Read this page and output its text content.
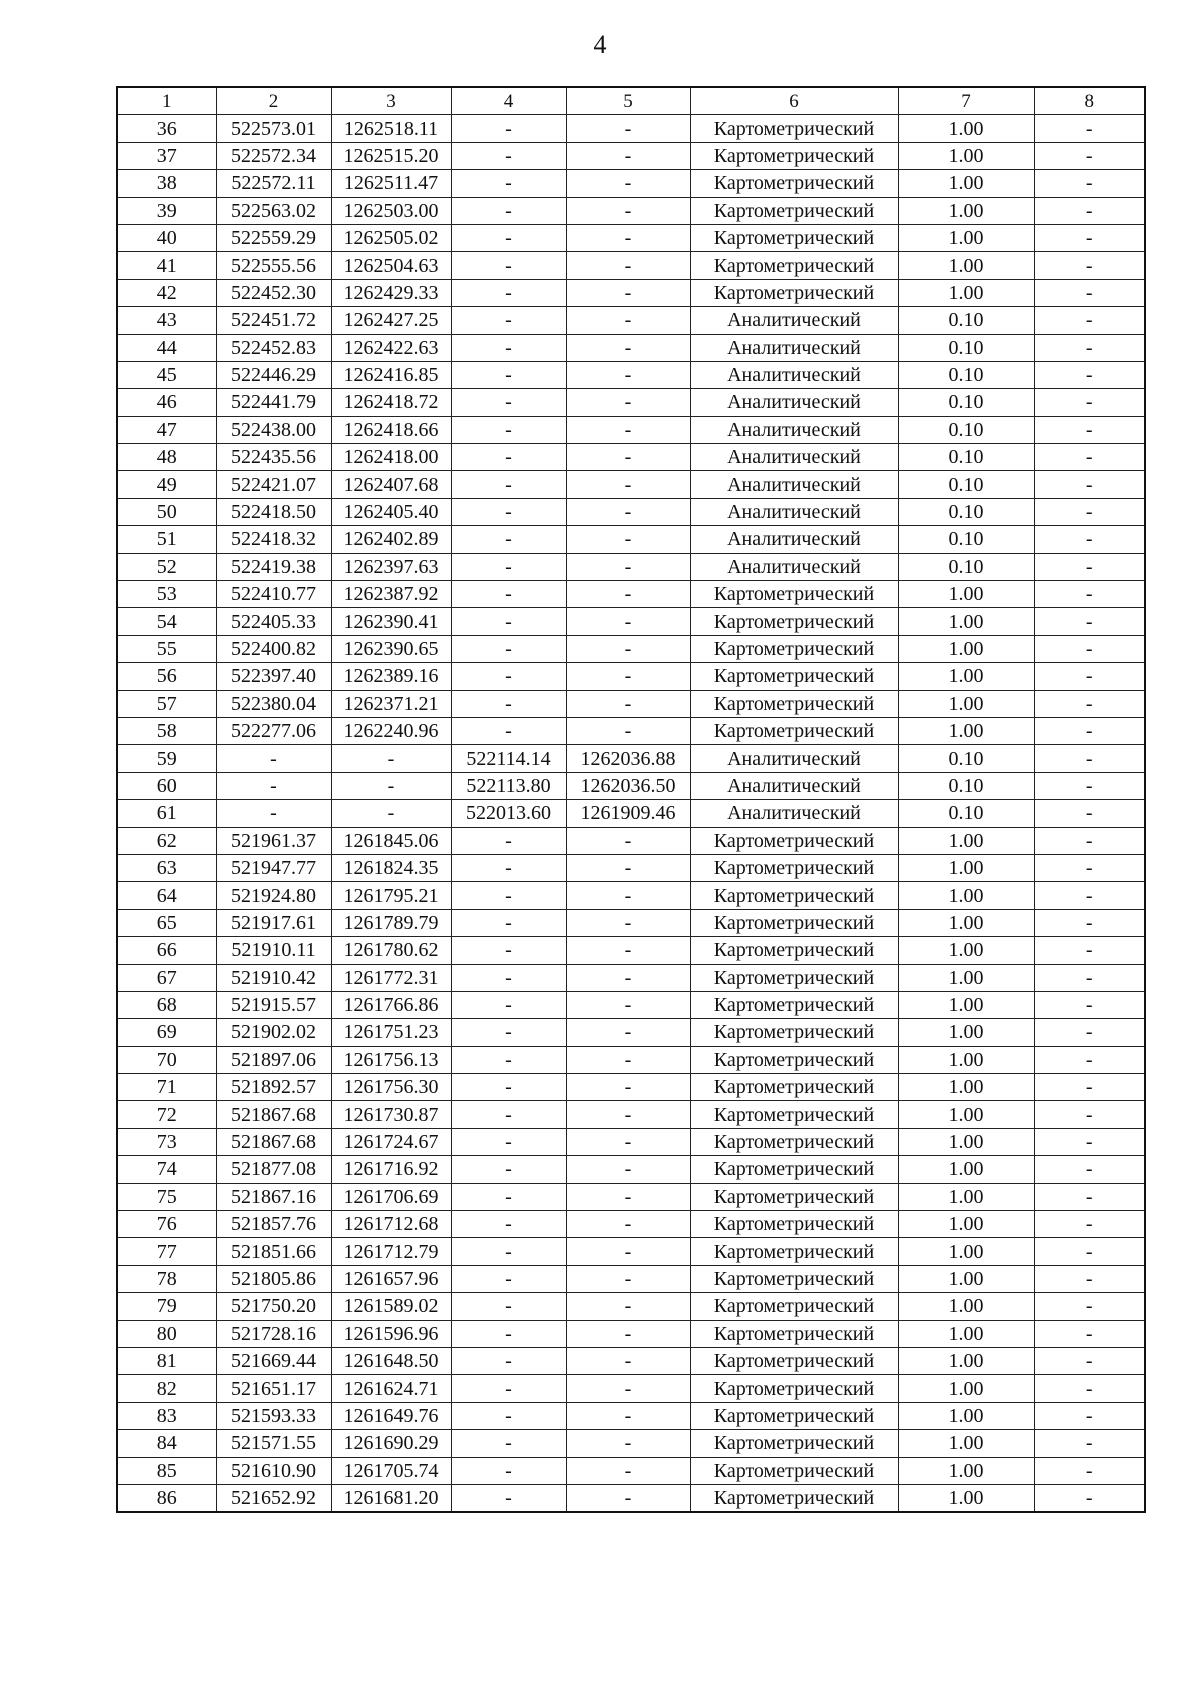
4
1	2	3	4	5	6	7	8
36	522573.01	1262518.11	-	-	Картометрический	1.00	-
37	522572.34	1262515.20	-	-	Картометрический	1.00	-
38	522572.11	1262511.47	-	-	Картометрический	1.00	-
39	522563.02	1262503.00	-	-	Картометрический	1.00	-
40	522559.29	1262505.02	-	-	Картометрический	1.00	-
41	522555.56	1262504.63	-	-	Картометрический	1.00	-
42	522452.30	1262429.33	-	-	Картометрический	1.00	-
43	522451.72	1262427.25	-	-	Аналитический	0.10	-
44	522452.83	1262422.63	-	-	Аналитический	0.10	-
45	522446.29	1262416.85	-	-	Аналитический	0.10	-
46	522441.79	1262418.72	-	-	Аналитический	0.10	-
47	522438.00	1262418.66	-	-	Аналитический	0.10	-
48	522435.56	1262418.00	-	-	Аналитический	0.10	-
49	522421.07	1262407.68	-	-	Аналитический	0.10	-
50	522418.50	1262405.40	-	-	Аналитический	0.10	-
51	522418.32	1262402.89	-	-	Аналитический	0.10	-
52	522419.38	1262397.63	-	-	Аналитический	0.10	-
53	522410.77	1262387.92	-	-	Картометрический	1.00	-
54	522405.33	1262390.41	-	-	Картометрический	1.00	-
55	522400.82	1262390.65	-	-	Картометрический	1.00	-
56	522397.40	1262389.16	-	-	Картометрический	1.00	-
57	522380.04	1262371.21	-	-	Картометрический	1.00	-
58	522277.06	1262240.96	-	-	Картометрический	1.00	-
59	-	-	522114.14	1262036.88	Аналитический	0.10	-
60	-	-	522113.80	1262036.50	Аналитический	0.10	-
61	-	-	522013.60	1261909.46	Аналитический	0.10	-
62	521961.37	1261845.06	-	-	Картометрический	1.00	-
63	521947.77	1261824.35	-	-	Картометрический	1.00	-
64	521924.80	1261795.21	-	-	Картометрический	1.00	-
65	521917.61	1261789.79	-	-	Картометрический	1.00	-
66	521910.11	1261780.62	-	-	Картометрический	1.00	-
67	521910.42	1261772.31	-	-	Картометрический	1.00	-
68	521915.57	1261766.86	-	-	Картометрический	1.00	-
69	521902.02	1261751.23	-	-	Картометрический	1.00	-
70	521897.06	1261756.13	-	-	Картометрический	1.00	-
71	521892.57	1261756.30	-	-	Картометрический	1.00	-
72	521867.68	1261730.87	-	-	Картометрический	1.00	-
73	521867.68	1261724.67	-	-	Картометрический	1.00	-
74	521877.08	1261716.92	-	-	Картометрический	1.00	-
75	521867.16	1261706.69	-	-	Картометрический	1.00	-
76	521857.76	1261712.68	-	-	Картометрический	1.00	-
77	521851.66	1261712.79	-	-	Картометрический	1.00	-
78	521805.86	1261657.96	-	-	Картометрический	1.00	-
79	521750.20	1261589.02	-	-	Картометрический	1.00	-
80	521728.16	1261596.96	-	-	Картометрический	1.00	-
81	521669.44	1261648.50	-	-	Картометрический	1.00	-
82	521651.17	1261624.71	-	-	Картометрический	1.00	-
83	521593.33	1261649.76	-	-	Картометрический	1.00	-
84	521571.55	1261690.29	-	-	Картометрический	1.00	-
85	521610.90	1261705.74	-	-	Картометрический	1.00	-
86	521652.92	1261681.20	-	-	Картометрический	1.00	-
